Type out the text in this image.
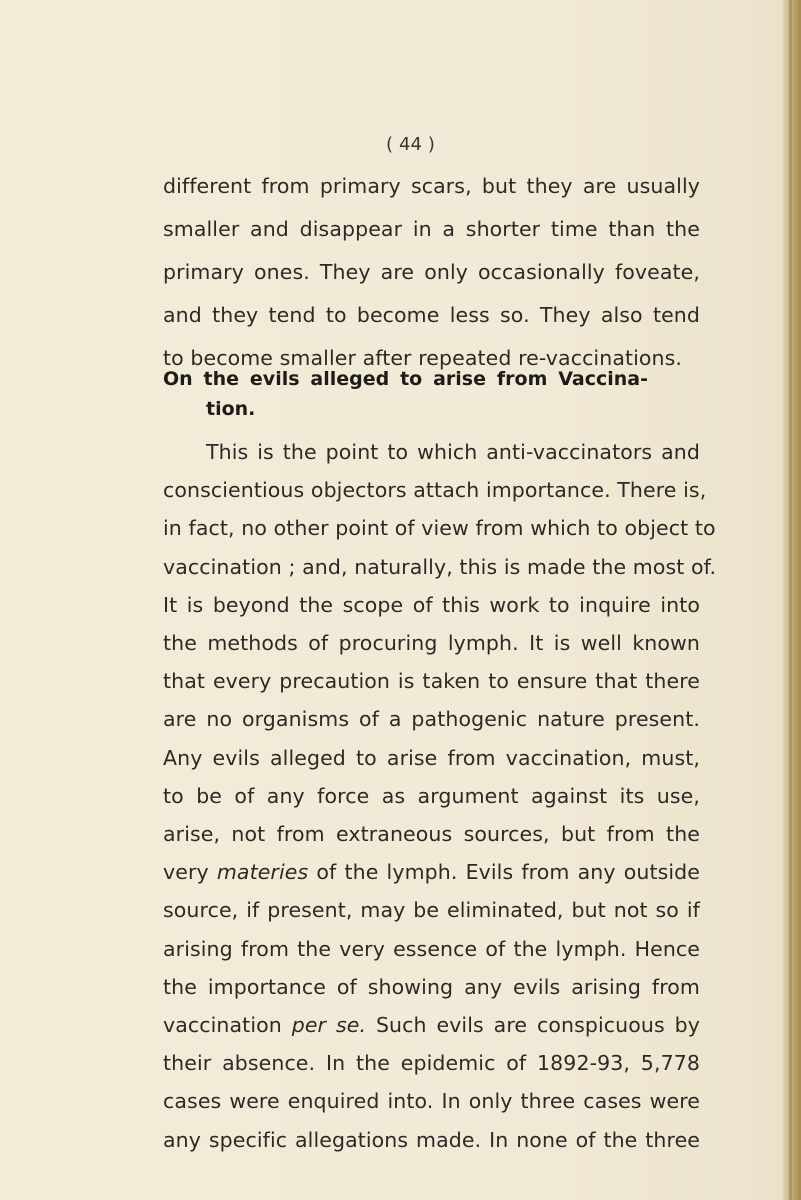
( 44 )
different from primary scars, but they are usually
smaller and disappear in a shorter time than the
primary ones. They are only occasionally foveate,
and they tend to become less so. They also tend
to become smaller after repeated re-vaccinations.
On the evils alleged to arise from Vaccina-
tion.
This is the point to which anti-vaccinators and
conscientious objectors attach importance. There is,
in fact, no other point of view from which to object to
vaccination ; and, naturally, this is made the most of.
It is beyond the scope of this work to inquire into
the methods of procuring lymph. It is well known
that every precaution is taken to ensure that there
are no organisms of a pathogenic nature present.
Any evils alleged to arise from vaccination, must,
to be of any force as argument against its use,
arise, not from extraneous sources, but from the
very materies of the lymph. Evils from any outside
source, if present, may be eliminated, but not so if
arising from the very essence of the lymph. Hence
the importance of showing any evils arising from
vaccination per se. Such evils are conspicuous by
their absence. In the epidemic of 1892-93, 5,778
cases were enquired into. In only three cases were
any specific allegations made. In none of the three
